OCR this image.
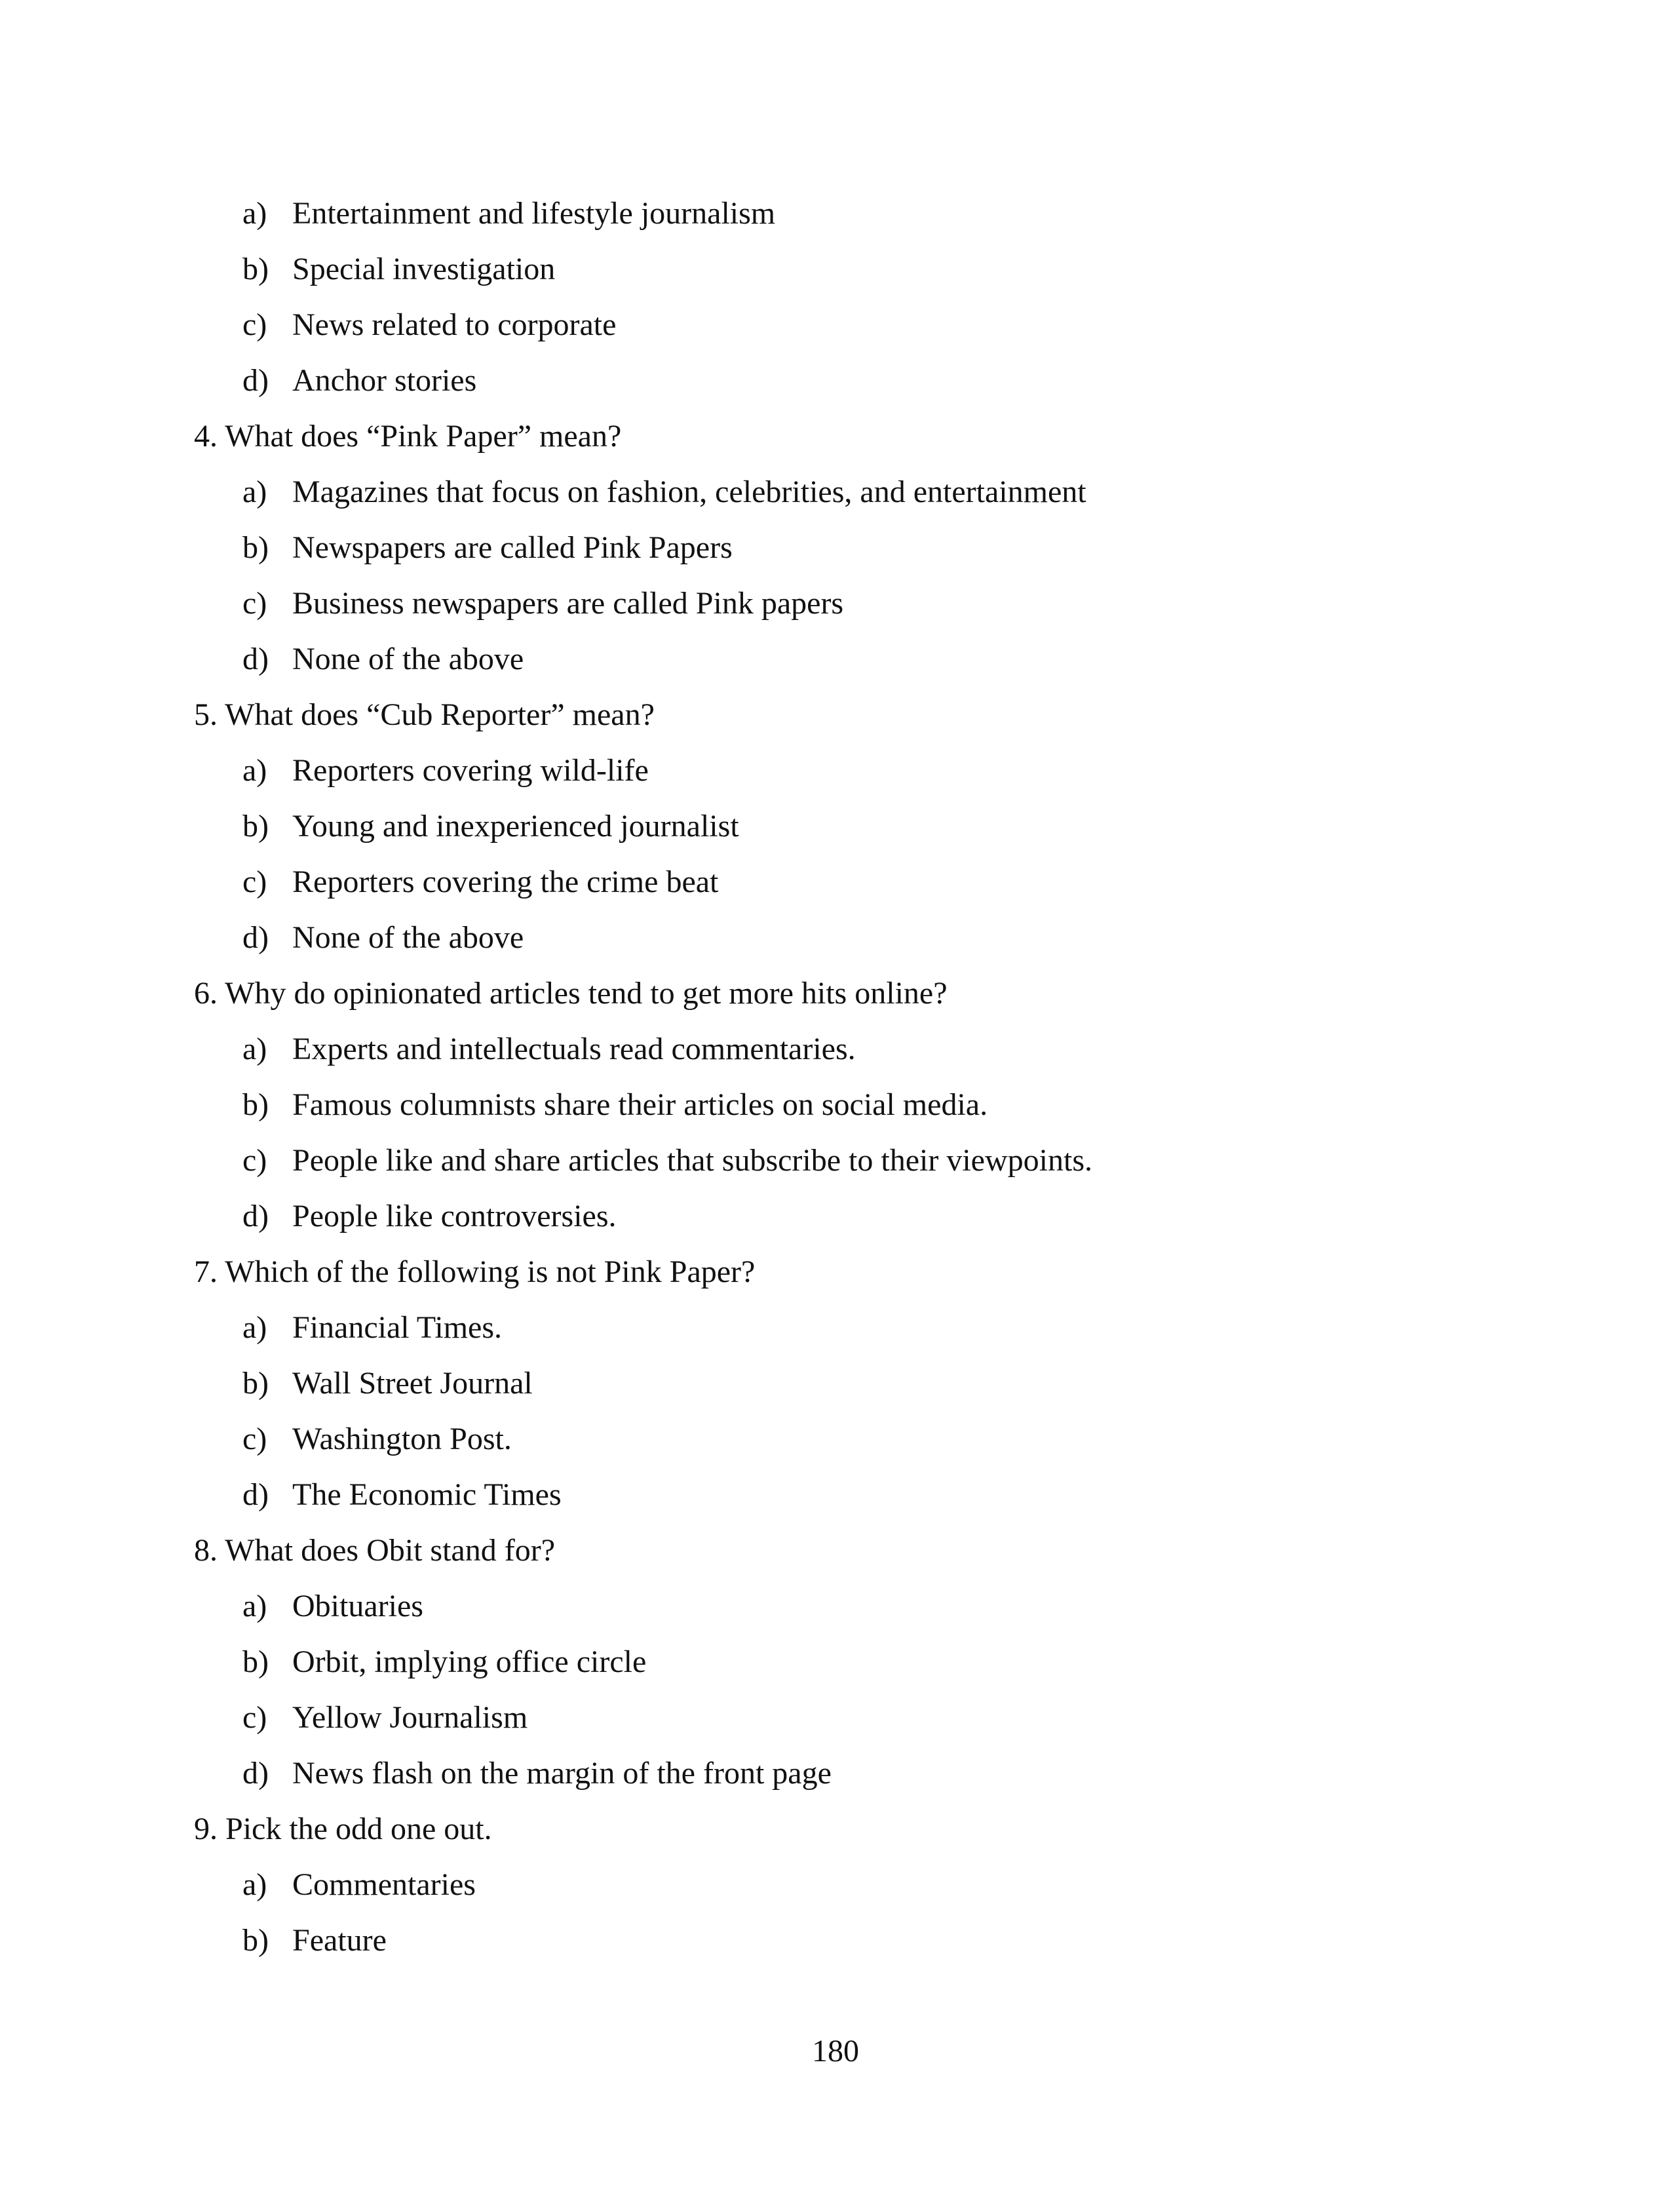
a) Entertainment and lifestyle journalism
b) Special investigation
c) News related to corporate
d) Anchor stories
4. What does “Pink Paper” mean?
a) Magazines that focus on fashion, celebrities, and entertainment
b) Newspapers are called Pink Papers
c) Business newspapers are called Pink papers
d) None of the above
5. What does “Cub Reporter” mean?
a) Reporters covering wild-life
b) Young and inexperienced journalist
c) Reporters covering the crime beat
d) None of the above
6. Why do opinionated articles tend to get more hits online?
a) Experts and intellectuals read commentaries.
b) Famous columnists share their articles on social media.
c) People like and share articles that subscribe to their viewpoints.
d) People like controversies.
7. Which of the following is not Pink Paper?
a) Financial Times.
b) Wall Street Journal
c) Washington Post.
d) The Economic Times
8. What does Obit stand for?
a) Obituaries
b) Orbit, implying office circle
c) Yellow Journalism
d) News flash on the margin of the front page
9. Pick the odd one out.
a) Commentaries
b) Feature
180
